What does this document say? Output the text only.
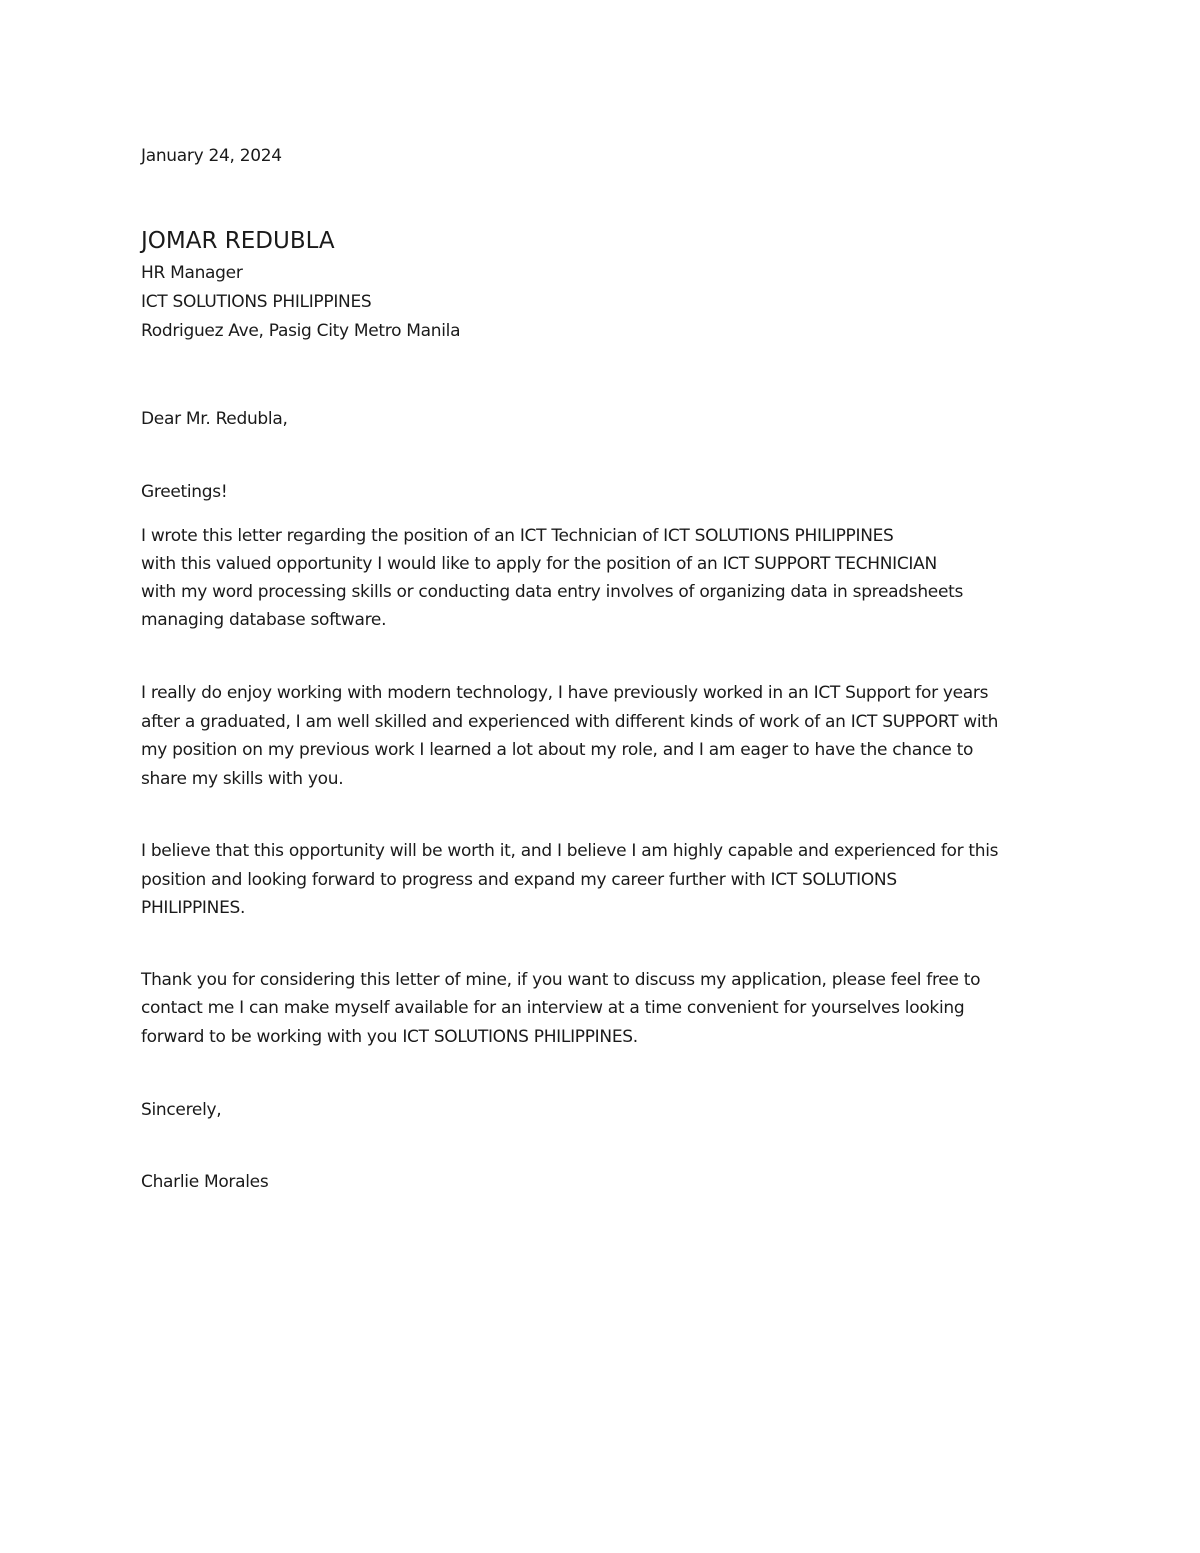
January 24, 2024
JOMAR REDUBLA
HR Manager
ICT SOLUTIONS PHILIPPINES
Rodriguez Ave, Pasig City Metro Manila
Dear Mr. Redubla,
Greetings!
I wrote this letter regarding the position of an ICT Technician of ICT SOLUTIONS PHILIPPINES
with this valued opportunity I would like to apply for the position of an ICT SUPPORT TECHNICIAN
with my word processing skills or conducting data entry involves of organizing data in spreadsheets
managing database software.
I really do enjoy working with modern technology, I have previously worked in an ICT Support for years
after a graduated, I am well skilled and experienced with different kinds of work of an ICT SUPPORT with
my position on my previous work I learned a lot about my role, and I am eager to have the chance to
share my skills with you.
I believe that this opportunity will be worth it, and I believe I am highly capable and experienced for this
position and looking forward to progress and expand my career further with ICT SOLUTIONS
PHILIPPINES.
Thank you for considering this letter of mine, if you want to discuss my application, please feel free to
contact me I can make myself available for an interview at a time convenient for yourselves looking
forward to be working with you ICT SOLUTIONS PHILIPPINES.
Sincerely,
Charlie Morales
